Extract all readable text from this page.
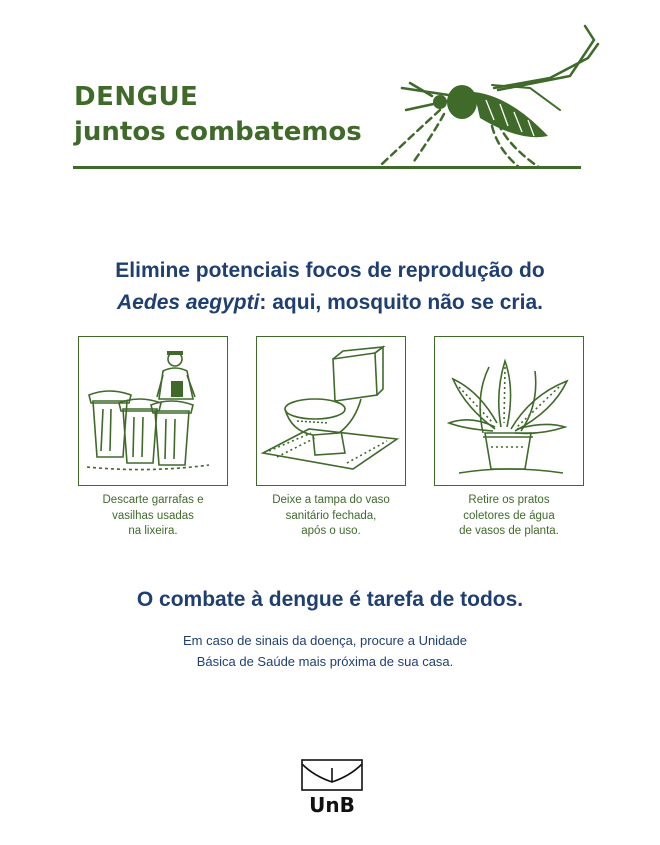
DENGUE
juntos combatemos
Elimine potenciais focos de reprodução do
Aedes aegypti: aqui, mosquito não se cria.
Descarte garrafas e
vasilhas usadas
na lixeira.
Deixe a tampa do vaso
sanitário fechada,
após o uso.
Retire os pratos
coletores de água
de vasos de planta.
O combate à dengue é tarefa de todos.
Em caso de sinais da doença, procure a Unidade
Básica de Saúde mais próxima de sua casa.
UnB
